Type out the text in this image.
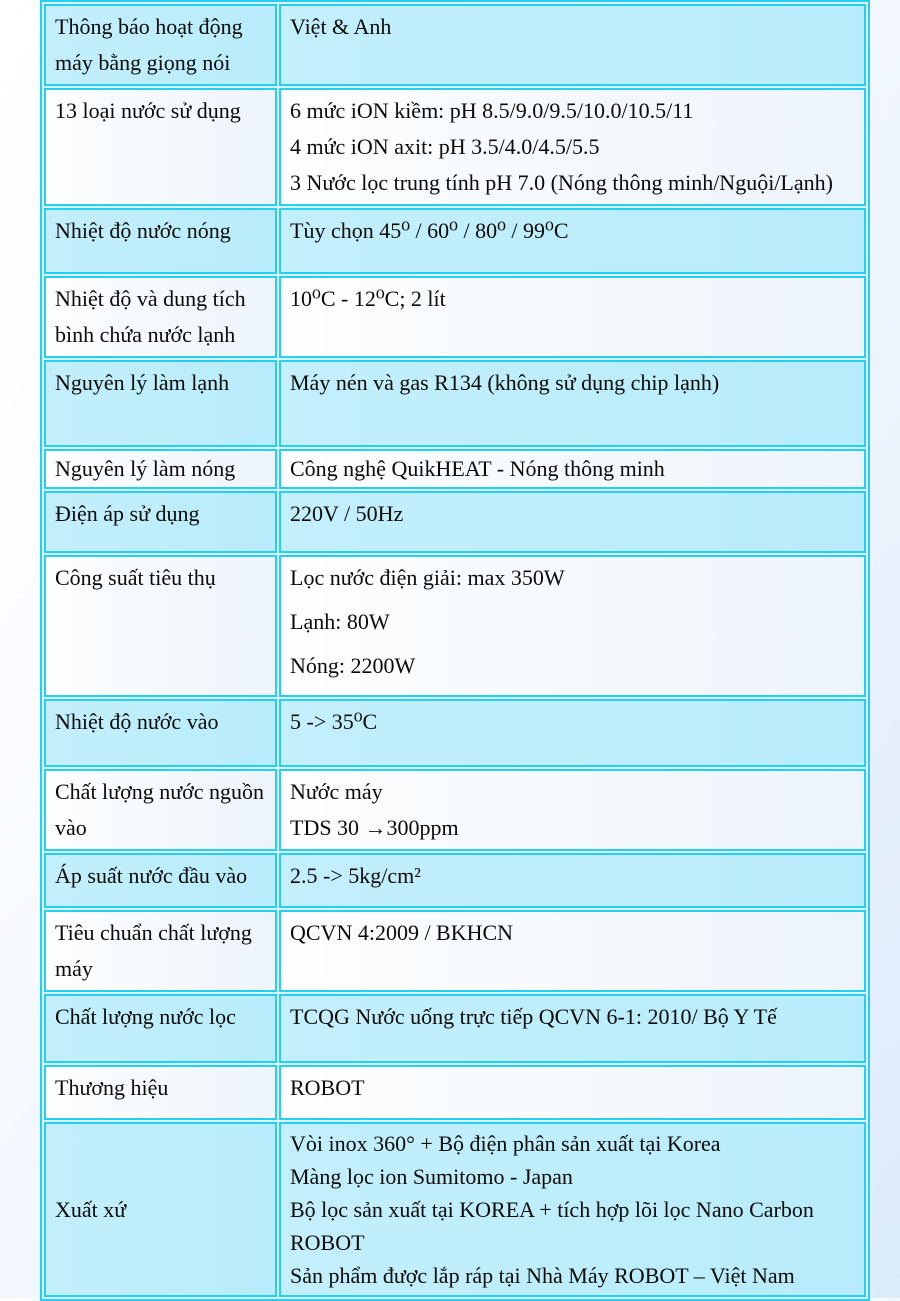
Thông báo hoạt động máy bằng giọng nói	Việt & Anh

13 loại nước sử dụng	6 mức iON kiềm: pH 8.5/9.0/9.5/10.0/10.5/11
4 mức iON axit: pH 3.5/4.0/4.5/5.5
3 Nước lọc trung tính pH 7.0 (Nóng thông minh/Nguội/Lạnh)

Nhiệt độ nước nóng	Tùy chọn 45⁰ / 60⁰ / 80⁰ / 99⁰C

Nhiệt độ và dung tích bình chứa nước lạnh	10⁰C - 12⁰C; 2 lít

Nguyên lý làm lạnh	Máy nén và gas R134 (không sử dụng chip lạnh)

Nguyên lý làm nóng	Công nghệ QuikHEAT - Nóng thông minh

Điện áp sử dụng	220V / 50Hz

Công suất tiêu thụ	Lọc nước điện giải: max 350W
Lạnh: 80W
Nóng: 2200W

Nhiệt độ nước vào	5 -> 35⁰C

Chất lượng nước nguồn vào	Nước máy
TDS 30 →300ppm

Áp suất nước đầu vào	2.5 -> 5kg/cm²

Tiêu chuẩn chất lượng máy	QCVN 4:2009 / BKHCN

Chất lượng nước lọc	TCQG Nước uống trực tiếp QCVN 6-1: 2010/ Bộ Y Tế

Thương hiệu	ROBOT

Xuất xứ	Vòi inox 360° + Bộ điện phân sản xuất tại Korea
Màng lọc ion Sumitomo - Japan
Bộ lọc sản xuất tại KOREA + tích hợp lõi lọc Nano Carbon ROBOT
Sản phẩm được lắp ráp tại Nhà Máy ROBOT – Việt Nam
